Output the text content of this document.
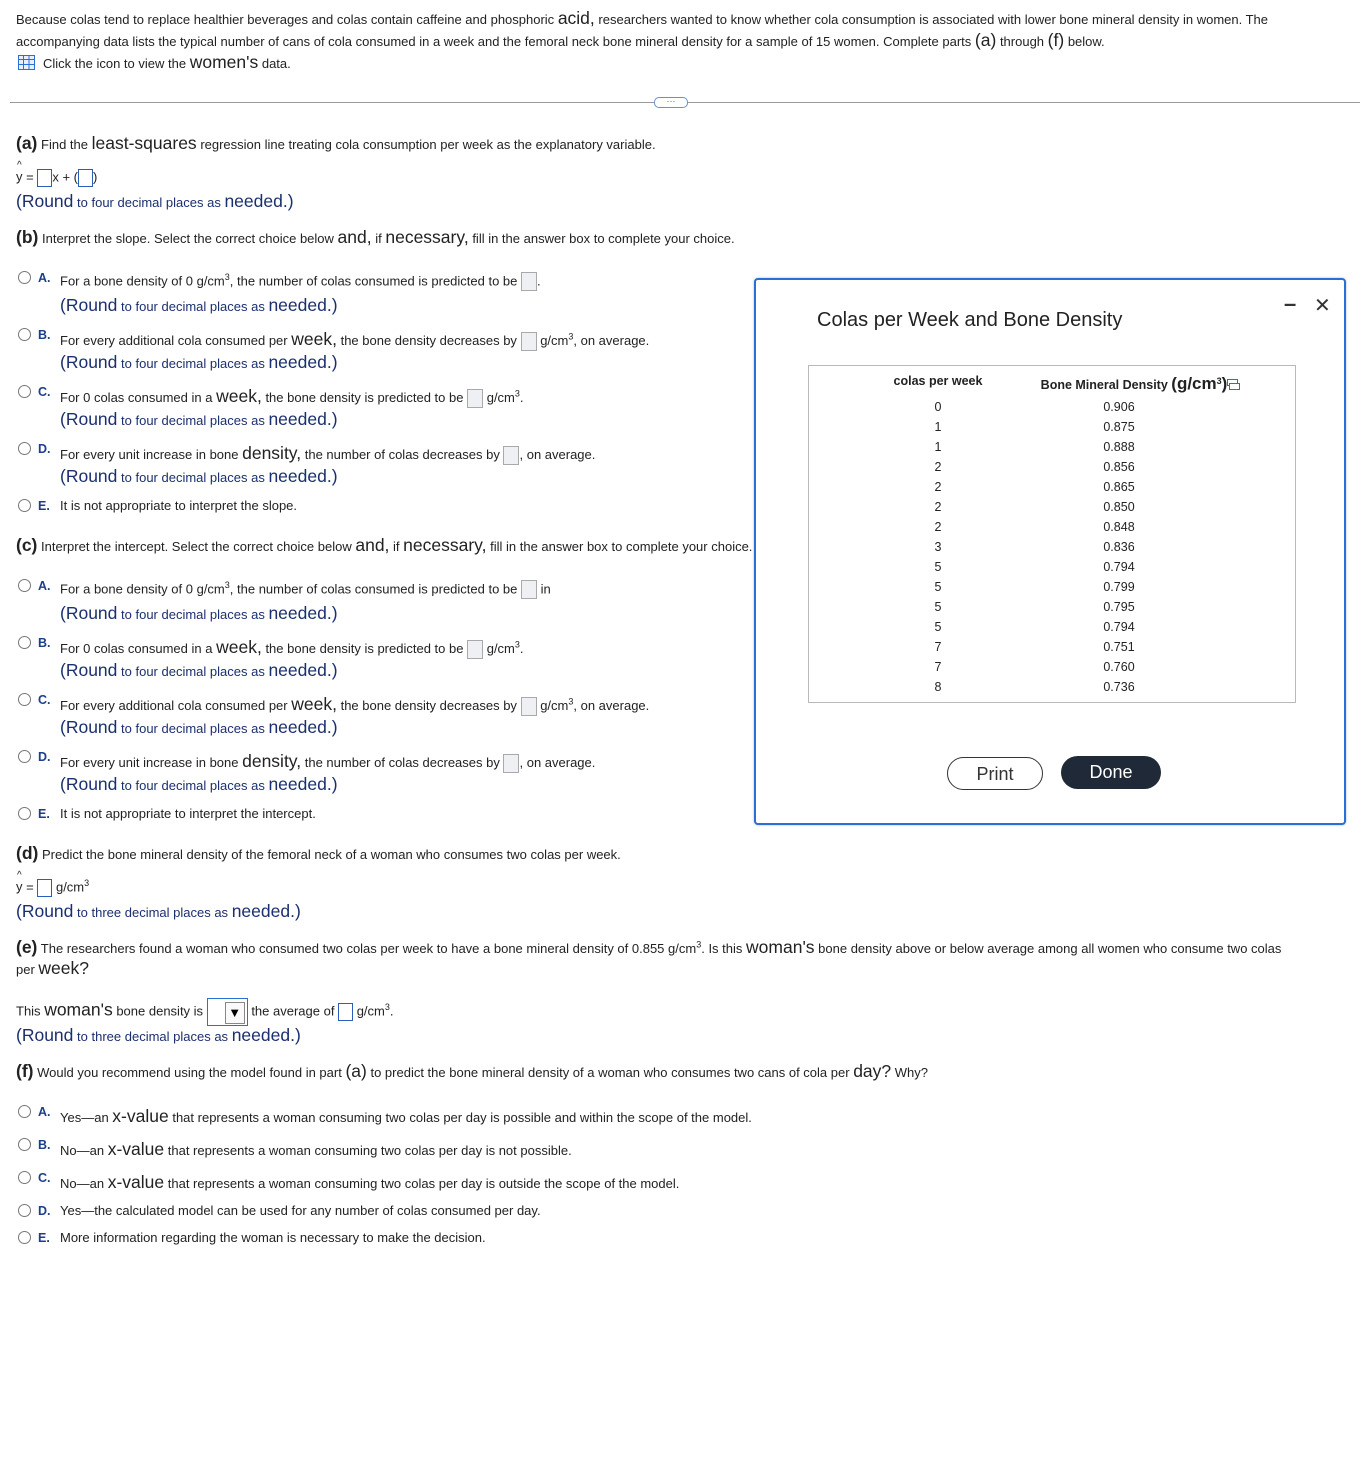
Because colas tend to replace healthier beverages and colas contain caffeine and phosphoric acid, researchers wanted to know whether cola consumption is associated with lower bone mineral density in women. The
accompanying data lists the typical number of cans of cola consumed in a week and the femoral neck bone mineral density for a sample of 15 women. Complete parts (a) through (f) below.
Click the icon to view the women's data.
···
(a) Find the least-squares regression line treating cola consumption per week as the explanatory variable.
^ y = x + ( )
(Round to four decimal places as needed.)
(b) Interpret the slope. Select the correct choice below and, if necessary, fill in the answer box to complete your choice.
A. For a bone density of 0 $g/cm^3$, the number of colas consumed is predicted to be .
(Round to four decimal places as needed.)
B. For every additional cola consumed per week, the bone density decreases by $g/cm^3$, on average.
(Round to four decimal places as needed.)
C. For 0 colas consumed in a week, the bone density is predicted to be $g/cm^3$.
(Round to four decimal places as needed.)
D. For every unit increase in bone density, the number of colas decreases by , on average.
(Round to four decimal places as needed.)
E. It is not appropriate to interpret the slope.
(c) Interpret the intercept. Select the correct choice below and, if necessary, fill in the answer box to complete your choice.
A. For a bone density of 0 $g/cm^3$, the number of colas consumed is predicted to be in
(Round to four decimal places as needed.)
B. For 0 colas consumed in a week, the bone density is predicted to be $g/cm^3$.
(Round to four decimal places as needed.)
C. For every additional cola consumed per week, the bone density decreases by $g/cm^3$, on average.
(Round to four decimal places as needed.)
D. For every unit increase in bone density, the number of colas decreases by , on average.
(Round to four decimal places as needed.)
E. It is not appropriate to interpret the intercept.
(d) Predict the bone mineral density of the femoral neck of a woman who consumes two colas per week.
^ $y = g/cm^3$
(Round to three decimal places as needed.)
(e) The researchers found a woman who consumed two colas per week to have a bone mineral density of 0.855 $g/cm^3$. Is this woman's bone density above or below average among all women who consume two colas
per week?
This woman's bone density is ▼ the average of $g/cm^3$.
(Round to three decimal places as needed.)
(f) Would you recommend using the model found in part (a) to predict the bone mineral density of a woman who consumes two cans of cola per day? Why?
A. Yes—an x-value that represents a woman consuming two colas per day is possible and within the scope of the model.
B. No—an x-value that represents a woman consuming two colas per day is not possible.
C. No—an x-value that represents a woman consuming two colas per day is outside the scope of the model.
D. Yes—the calculated model can be used for any number of colas consumed per day.
E. More information regarding the woman is necessary to make the decision.
Colas per Week and Bone Density
– ✕
colas per week	Bone Mineral Density $(g/cm^3)$
0	0.906
1	0.875
1	0.888
2	0.856
2	0.865
2	0.850
2	0.848
3	0.836
5	0.794
5	0.799
5	0.795
5	0.794
7	0.751
7	0.760
8	0.736
Print	Done
